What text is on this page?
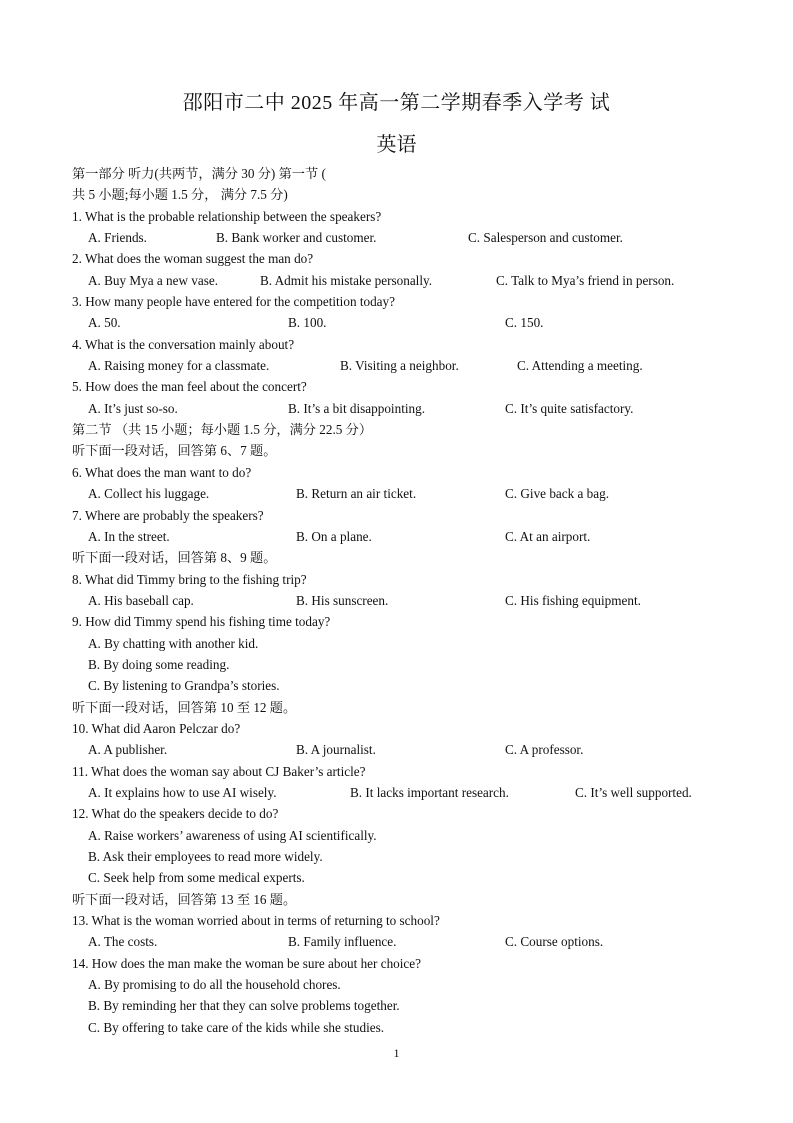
邵阳市二中 2025 年高一第二学期春季入学考 试
英语
第一部分 听力(共两节，满分 30 分) 第一节 (
共 5 小题;每小题 1.5 分， 满分 7.5 分)
1. What is the probable relationship between the speakers?
A. Friends.	B. Bank worker and customer.	C. Salesperson and customer.
2. What does the woman suggest the man do?
A. Buy Mya a new vase.	B. Admit his mistake personally.	C. Talk to Mya’s friend in person.
3. How many people have entered for the competition today?
A. 50.	B. 100.	C. 150.
4. What is the conversation mainly about?
A. Raising money for a classmate.	B. Visiting a neighbor.	C. Attending a meeting.
5. How does the man feel about the concert?
A. It’s just so-so.	B. It’s a bit disappointing.	C. It’s quite satisfactory.
第二节 （共 15 小题；每小题 1.5 分，满分 22.5 分）
听下面一段对话，回答第 6、7 题。
6. What does the man want to do?
A. Collect his luggage.	B. Return an air ticket.	C. Give back a bag.
7. Where are probably the speakers?
A. In the street.	B. On a plane.	C. At an airport.
听下面一段对话，回答第 8、9 题。
8. What did Timmy bring to the fishing trip?
A. His baseball cap.	B. His sunscreen.	C. His fishing equipment.
9. How did Timmy spend his fishing time today?
A. By chatting with another kid.
B. By doing some reading.
C. By listening to Grandpa’s stories.
听下面一段对话，回答第 10 至 12 题。
10. What did Aaron Pelczar do?
A. A publisher.	B. A journalist.	C. A professor.
11. What does the woman say about CJ Baker’s article?
A. It explains how to use AI wisely.	B. It lacks important research.	C. It’s well supported.
12. What do the speakers decide to do?
A. Raise workers’ awareness of using AI scientifically.
B. Ask their employees to read more widely.
C. Seek help from some medical experts.
听下面一段对话，回答第 13 至 16 题。
13. What is the woman worried about in terms of returning to school?
A. The costs.	B. Family influence.	C. Course options.
14. How does the man make the woman be sure about her choice?
A. By promising to do all the household chores.
B. By reminding her that they can solve problems together.
C. By offering to take care of the kids while she studies.
1
